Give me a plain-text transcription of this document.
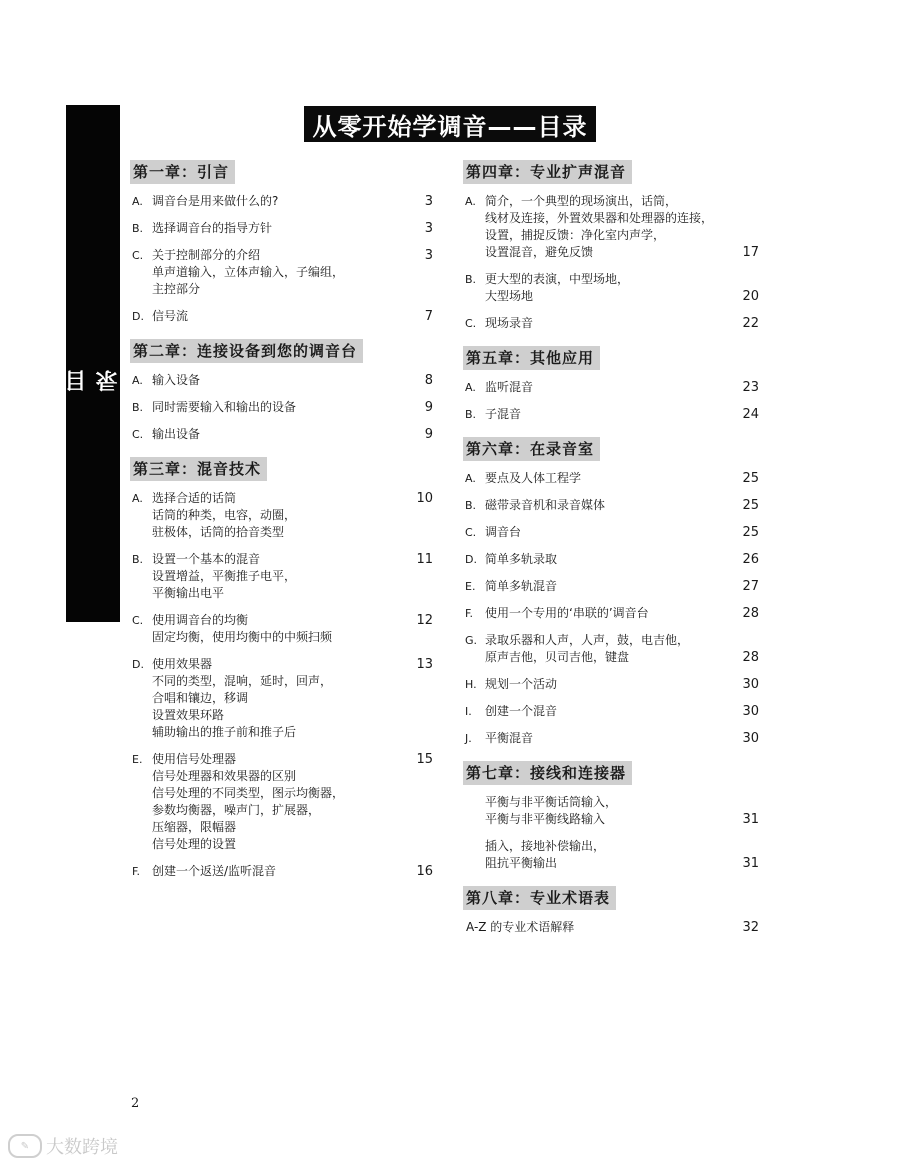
目录
从零开始学调音——目录
第一章：引言
A. 调音台是用来做什么的?	3
B. 选择调音台的指导方针	3
C. 关于控制部分的介绍
单声道输入，立体声输入，子编组，
主控部分
3
D. 信号流	7
第二章：连接设备到您的调音台
A. 输入设备	8
B. 同时需要输入和输出的设备	9
C. 输出设备	9
第三章：混音技术
A. 选择合适的话筒
话筒的种类，电容，动圈，
驻极体，话筒的拾音类型
10
B. 设置一个基本的混音
设置增益，平衡推子电平，
平衡输出电平
11
C. 使用调音台的均衡
固定均衡，使用均衡中的中频扫频
12
D. 使用效果器
不同的类型，混响，延时，回声，
合唱和镶边，移调
设置效果环路
辅助输出的推子前和推子后
13
E. 使用信号处理器
信号处理器和效果器的区别
信号处理的不同类型，图示均衡器，
参数均衡器，噪声门，扩展器，
压缩器，限幅器
信号处理的设置
15
F. 创建一个返送/监听混音	16
第四章：专业扩声混音
A. 简介，一个典型的现场演出，话筒，
线材及连接，外置效果器和处理器的连接，
设置，捕捉反馈：净化室内声学，
设置混音，避免反馈	17
B. 更大型的表演，中型场地，
大型场地	20
C. 现场录音	22
第五章：其他应用
A. 监听混音	23
B. 子混音	24
第六章：在录音室
A. 要点及人体工程学	25
B. 磁带录音机和录音媒体	25
C. 调音台	25
D. 简单多轨录取	26
E. 简单多轨混音	27
F. 使用一个专用的‘串联的’调音台	28
G. 录取乐器和人声，人声，鼓，电吉他，
原声吉他，贝司吉他，键盘	28
H. 规划一个活动	30
I.	创建一个混音	30
J.	平衡混音	30
第七章：接线和连接器
平衡与非平衡话筒输入，
平衡与非平衡线路输入	31
插入，接地补偿输出，
阻抗平衡输出	31
第八章：专业术语表
A-Z 的专业术语解释	32
2
✎ 大数跨境
